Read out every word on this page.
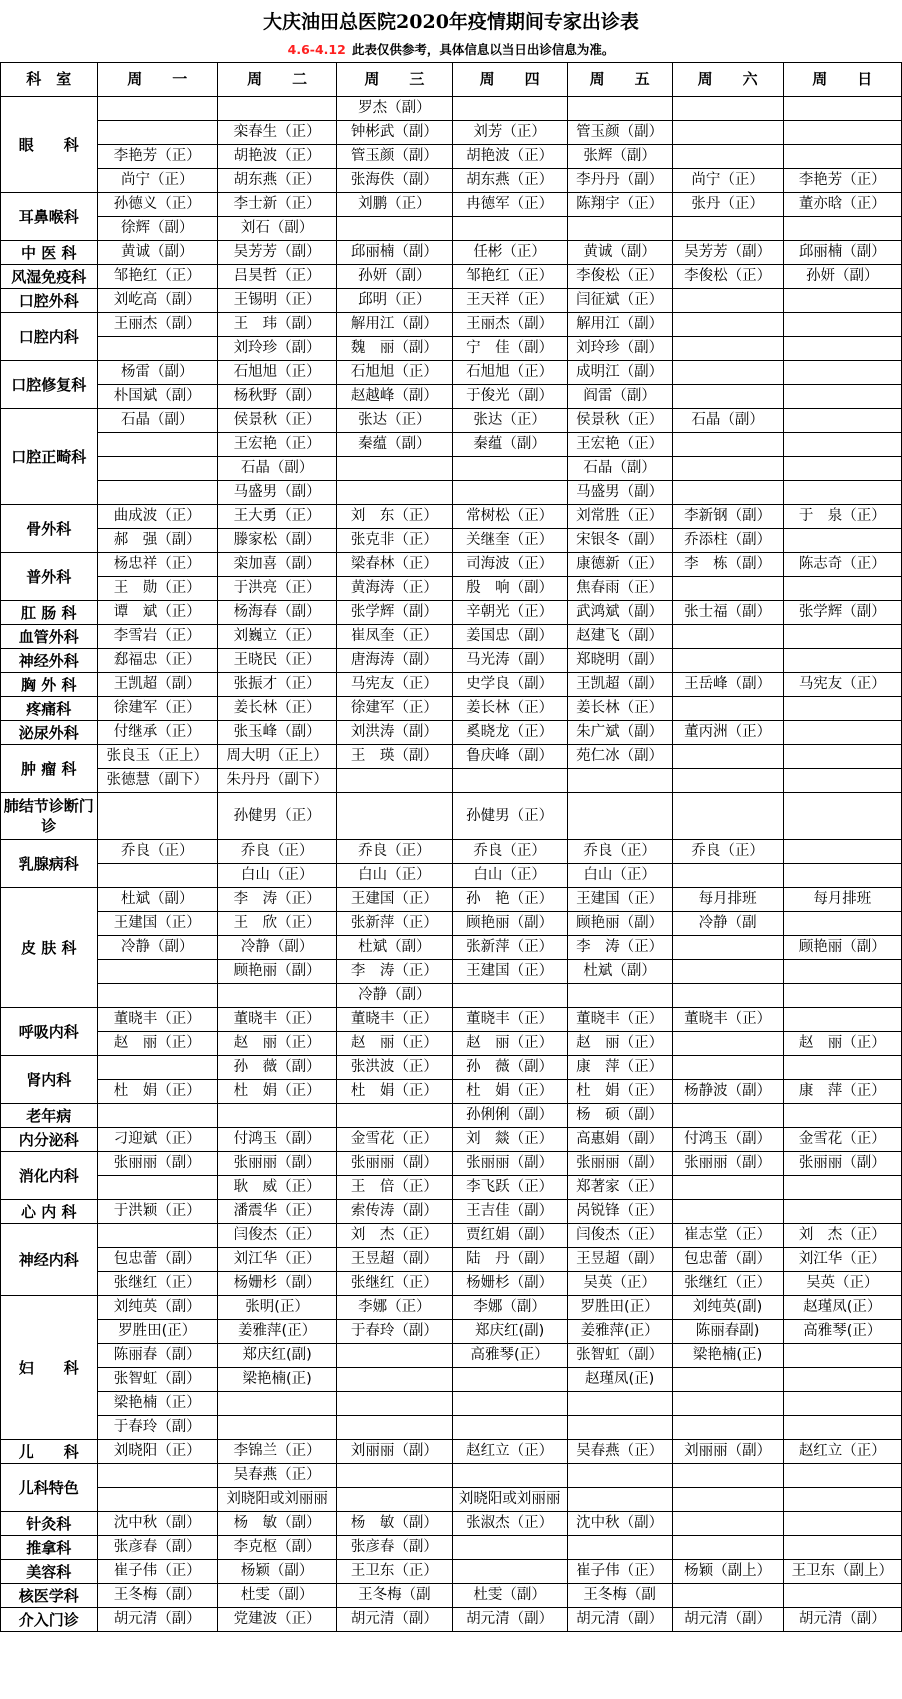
大庆油田总医院2020年疫情期间专家出诊表
4.6-4.12 此表仅供参考，具体信息以当日出诊信息为准。
科　室	周　　一	周　　二	周　　三	周　　四	周　　五	周　　六	周　　日
眼　　科			罗杰（副）				
		栾春生（正）	钟彬武（副）	刘芳（正）	管玉颜（副）		
	李艳芳（正）	胡艳波（正）	管玉颜（副）	胡艳波（正）	张辉（副）		
	尚宁（正）	胡东燕（正）	张海佚（副）	胡东燕（正）	李丹丹（副）	尚宁（正）	李艳芳（正）
耳鼻喉科	孙德义（正）	李士新（正）	刘鹏（正）	冉德军（正）	陈翔宇（正）	张丹（正）	董亦晗（正）
	徐辉（副）	刘石（副）					
中 医 科	黄诚（副）	吴芳芳（副）	邱丽楠（副）	任彬（正）	黄诚（副）	吴芳芳（副）	邱丽楠（副）
风湿免疫科	邹艳红（正）	吕昊哲（正）	孙妍（副）	邹艳红（正）	李俊松（正）	李俊松（正）	孙妍（副）
口腔外科	刘屹高（副）	王锡明（正）	邱明（正）	王天祥（正）	闫征斌（正）		
口腔内科	王丽杰（副）	王　玮（副）	解用江（副）	王丽杰（副）	解用江（副）		
		刘玲珍（副）	魏　丽（副）	宁　佳（副）	刘玲珍（副）		
口腔修复科	杨雷（副）	石旭旭（正）	石旭旭（正）	石旭旭（正）	成明江（副）		
	朴国斌（副）	杨秋野（副）	赵越峰（副）	于俊光（副）	阎雷（副）		
口腔正畸科	石晶（副）	侯景秋（正）	张达（正）	张达（正）	侯景秋（正）	石晶（副）	
		王宏艳（正）	秦蕴（副）	秦蕴（副）	王宏艳（正）		
		石晶（副）			石晶（副）		
		马盛男（副）			马盛男（副）		
骨外科	曲成波（正）	王大勇（正）	刘　东（正）	常树松（正）	刘常胜（正）	李新钢（副）	于　泉（正）
	郝　强（副）	滕家松（副）	张克非（正）	关继奎（正）	宋银冬（副）	乔添柱（副）	
普外科	杨忠祥（正）	栾加喜（副）	梁春林（正）	司海波（正）	康德新（正）	李　栋（副）	陈志奇（正）
	王　勋（正）	于洪亮（正）	黄海涛（正）	殷　响（副）	焦春雨（正）		
肛 肠 科	谭　斌（正）	杨海春（副）	张学辉（副）	辛朝光（正）	武鸿斌（副）	张士福（副）	张学辉（副）
血管外科	李雪岩（正）	刘巍立（正）	崔凤奎（正）	姜国忠（副）	赵建飞（副）		
神经外科	郄福忠（正）	王晓民（正）	唐海涛（副）	马光涛（副）	郑晓明（副）		
胸 外 科	王凯超（副）	张振才（正）	马宪友（正）	史学良（副）	王凯超（副）	王岳峰（副）	马宪友（正）
疼痛科	徐建军（正）	姜长林（正）	徐建军（正）	姜长林（正）	姜长林（正）		
泌尿外科	付继承（正）	张玉峰（副）	刘洪涛（副）	奚晓龙（正）	朱广斌（副）	董丙洲（正）	
肿 瘤 科	张良玉（正上）	周大明（正上）	王　瑛（副）	鲁庆峰（副）	苑仁冰（副）		
	张德慧（副下）	朱丹丹（副下）					
肺结节诊断门诊		孙健男（正）		孙健男（正）			
乳腺病科	乔良（正）	乔良（正）	乔良（正）	乔良（正）	乔良（正）	乔良（正）	
		白山（正）	白山（正）	白山（正）	白山（正）		
皮 肤 科	杜斌（副）	李　涛（正）	王建国（正）	孙　艳（正）	王建国（正）	每月排班	每月排班
	王建国（正）	王　欣（正）	张新萍（正）	顾艳丽（副）	顾艳丽（副）	冷静（副	
	冷静（副）	冷静（副）	杜斌（副）	张新萍（正）	李　涛（正）		顾艳丽（副）
		顾艳丽（副）	李　涛（正）	王建国（正）	杜斌（副）		
			冷静（副）				
呼吸内科	董晓丰（正）	董晓丰（正）	董晓丰（正）	董晓丰（正）	董晓丰（正）	董晓丰（正）	
	赵　丽（正）	赵　丽（正）	赵　丽（正）	赵　丽（正）	赵　丽（正）		赵　丽（正）
肾内科		孙　薇（副）	张洪波（正）	孙　薇（副）	康　萍（正）		
	杜　娟（正）	杜　娟（正）	杜　娟（正）	杜　娟（正）	杜　娟（正）	杨静波（副）	康　萍（正）
老年病				孙俐俐（副）	杨　硕（副）		
内分泌科	刁迎斌（正）	付鸿玉（副）	金雪花（正）	刘　燚（正）	高惠娟（副）	付鸿玉（副）	金雪花（正）
消化内科	张丽丽（副）	张丽丽（副）	张丽丽（副）	张丽丽（副）	张丽丽（副）	张丽丽（副）	张丽丽（副）
		耿　威（正）	王　倍（正）	李飞跃（正）	郑著家（正）		
心 内 科	于洪颖（正）	潘震华（正）	索传涛（副）	王吉佳（副）	呙锐锋（正）		
神经内科		闫俊杰（正）	刘　杰（正）	贾红娟（副）	闫俊杰（正）	崔志堂（正）	刘　杰（正）
	包忠蕾（副）	刘江华（正）	王昱超（副）	陆　丹（副）	王昱超（副）	包忠蕾（副）	刘江华（正）
	张继红（正）	杨姗杉（副）	张继红（正）	杨姗杉（副）	吴英（正）	张继红（正）	吴英（正）
妇　　科	刘纯英（副）	张明(正）	李娜（正）	李娜（副）	罗胜田(正）	刘纯英(副)	赵瑾凤(正）
	罗胜田(正）	姜雅萍(正）	于春玲（副）	郑庆红(副)	姜雅萍(正）	陈丽春副)	高雅琴(正）
	陈丽春（副）	郑庆红(副)		高雅琴(正）	张智虹（副）	梁艳楠(正)	
	张智虹（副）	梁艳楠(正)			赵瑾凤(正)		
	梁艳楠（正）						
	于春玲（副）						
儿　　科	刘晓阳（正）	李锦兰（正）	刘丽丽（副）	赵红立（正）	吴春燕（正）	刘丽丽（副）	赵红立（正）
儿科特色		吴春燕（正）					
		刘晓阳或刘丽丽		刘晓阳或刘丽丽			
针灸科	沈中秋（副）	杨　敏（副）	杨　敏（副）	张淑杰（正）	沈中秋（副）		
推拿科	张彦春（副）	李克枢（副）	张彦春（副）				
美容科	崔子伟（正）	杨颖（副）	王卫东（正）		崔子伟（正）	杨颖（副上）	王卫东（副上）
核医学科	王冬梅（副）	杜雯（副）	王冬梅（副	杜雯（副）	王冬梅（副		
介入门诊	胡元清（副）	党建波（正）	胡元清（副）	胡元清（副）	胡元清（副）	胡元清（副）	胡元清（副）
